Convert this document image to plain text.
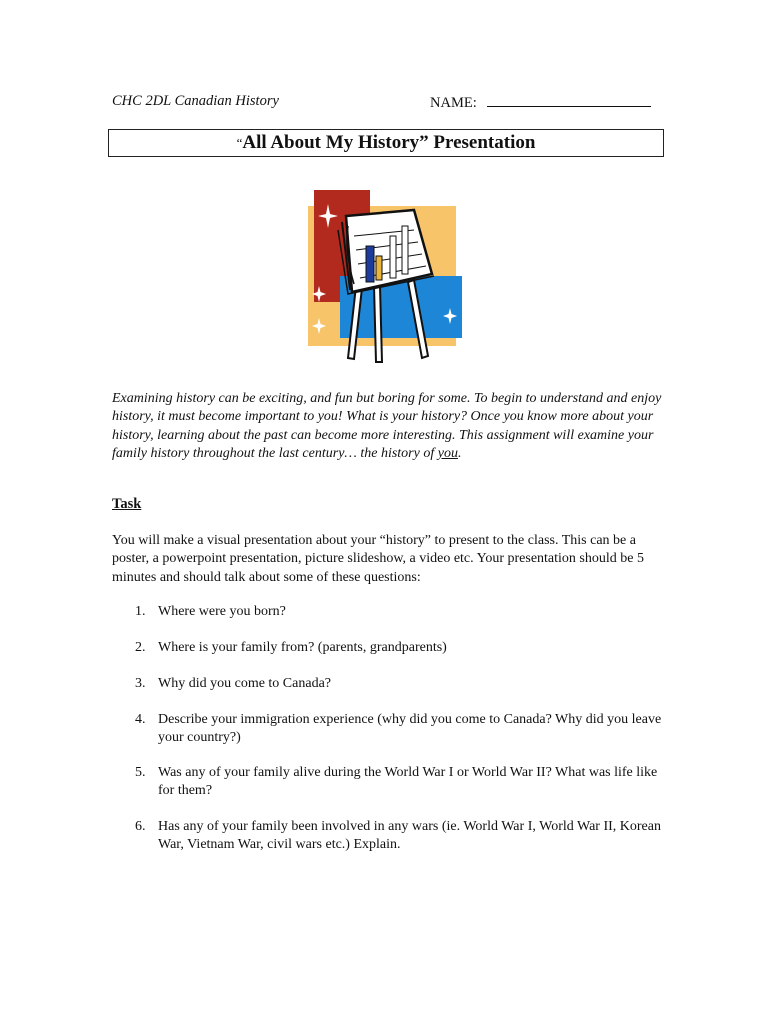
CHC 2DL Canadian History	NAME:
“All About My History” Presentation
Examining history can be exciting, and fun but boring for some. To begin to understand and enjoy history, it must become important to you! What is your history? Once you know more about your history, learning about the past can become more interesting. This assignment will examine your family history throughout the last century… the history of you.
Task
You will make a visual presentation about your “history” to present to the class. This can be a poster, a powerpoint presentation, picture slideshow, a video etc. Your presentation should be 5 minutes and should talk about some of these questions:
1. Where were you born?
2. Where is your family from? (parents, grandparents)
3. Why did you come to Canada?
4. Describe your immigration experience (why did you come to Canada? Why did you leave your country?)
5. Was any of your family alive during the World War I or World War II? What was life like for them?
6. Has any of your family been involved in any wars (ie. World War I, World War II, Korean War, Vietnam War, civil wars etc.) Explain.
